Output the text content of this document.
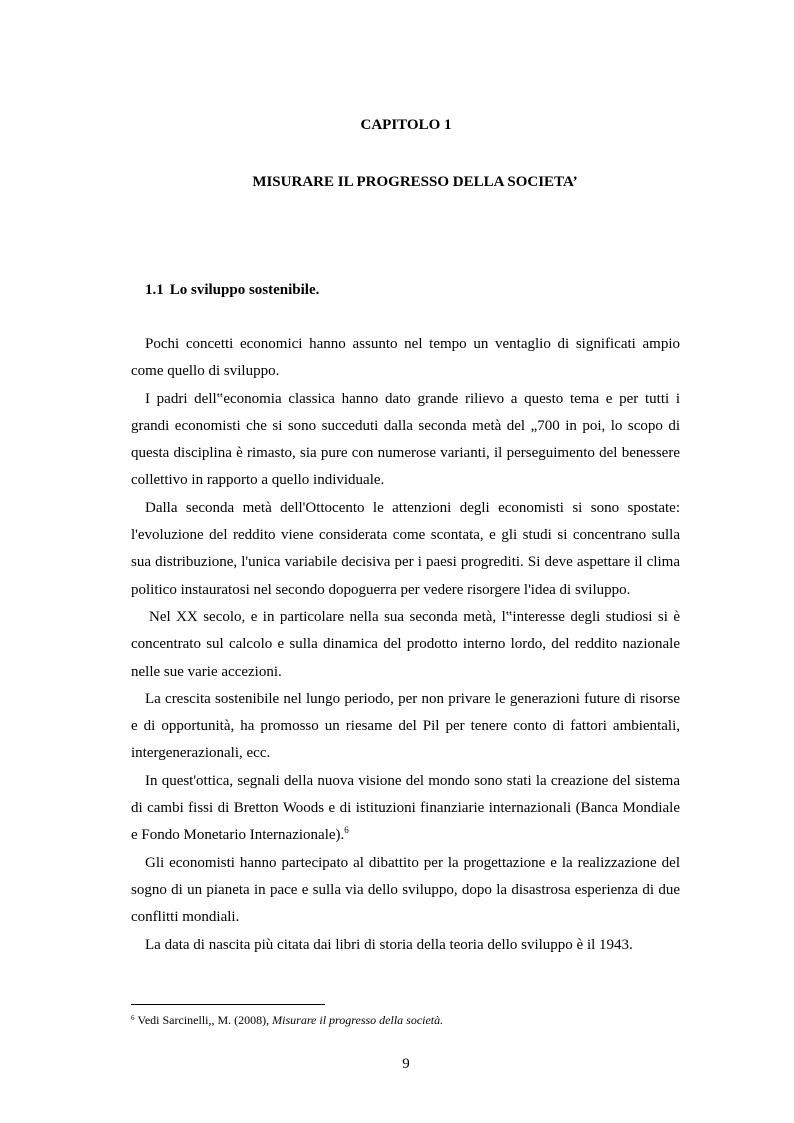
CAPITOLO 1
MISURARE IL PROGRESSO DELLA SOCIETA’
1.1 Lo sviluppo sostenibile.

Pochi concetti economici hanno assunto nel tempo un ventaglio di significati ampio come quello di sviluppo.

I padri dell‟economia classica hanno dato grande rilievo a questo tema e per tutti i grandi economisti che si sono succeduti dalla seconda metà del „700 in poi, lo scopo di questa disciplina è rimasto, sia pure con numerose varianti, il perseguimento del benessere collettivo in rapporto a quello individuale.

Dalla seconda metà dell'Ottocento le attenzioni degli economisti si sono spostate: l'evoluzione del reddito viene considerata come scontata, e gli studi si concentrano sulla sua distribuzione, l'unica variabile decisiva per i paesi progrediti. Si deve aspettare il clima politico instauratosi nel secondo dopoguerra per vedere risorgere l'idea di sviluppo.

Nel XX secolo, e in particolare nella sua seconda metà, l‟interesse degli studiosi si è concentrato sul calcolo e sulla dinamica del prodotto interno lordo, del reddito nazionale nelle sue varie accezioni.

La crescita sostenibile nel lungo periodo, per non privare le generazioni future di risorse e di opportunità, ha promosso un riesame del Pil per tenere conto di fattori ambientali, intergenerazionali, ecc.

In quest'ottica, segnali della nuova visione del mondo sono stati la creazione del sistema di cambi fissi di Bretton Woods e di istituzioni finanziarie internazionali (Banca Mondiale e Fondo Monetario Internazionale).$^6$

Gli economisti hanno partecipato al dibattito per la progettazione e la realizzazione del sogno di un pianeta in pace e sulla via dello sviluppo, dopo la disastrosa esperienza di due conflitti mondiali.

La data di nascita più citata dai libri di storia della teoria dello sviluppo è il 1943.

$^6$ Vedi Sarcinelli,, M. (2008), Misurare il progresso della società.
9
